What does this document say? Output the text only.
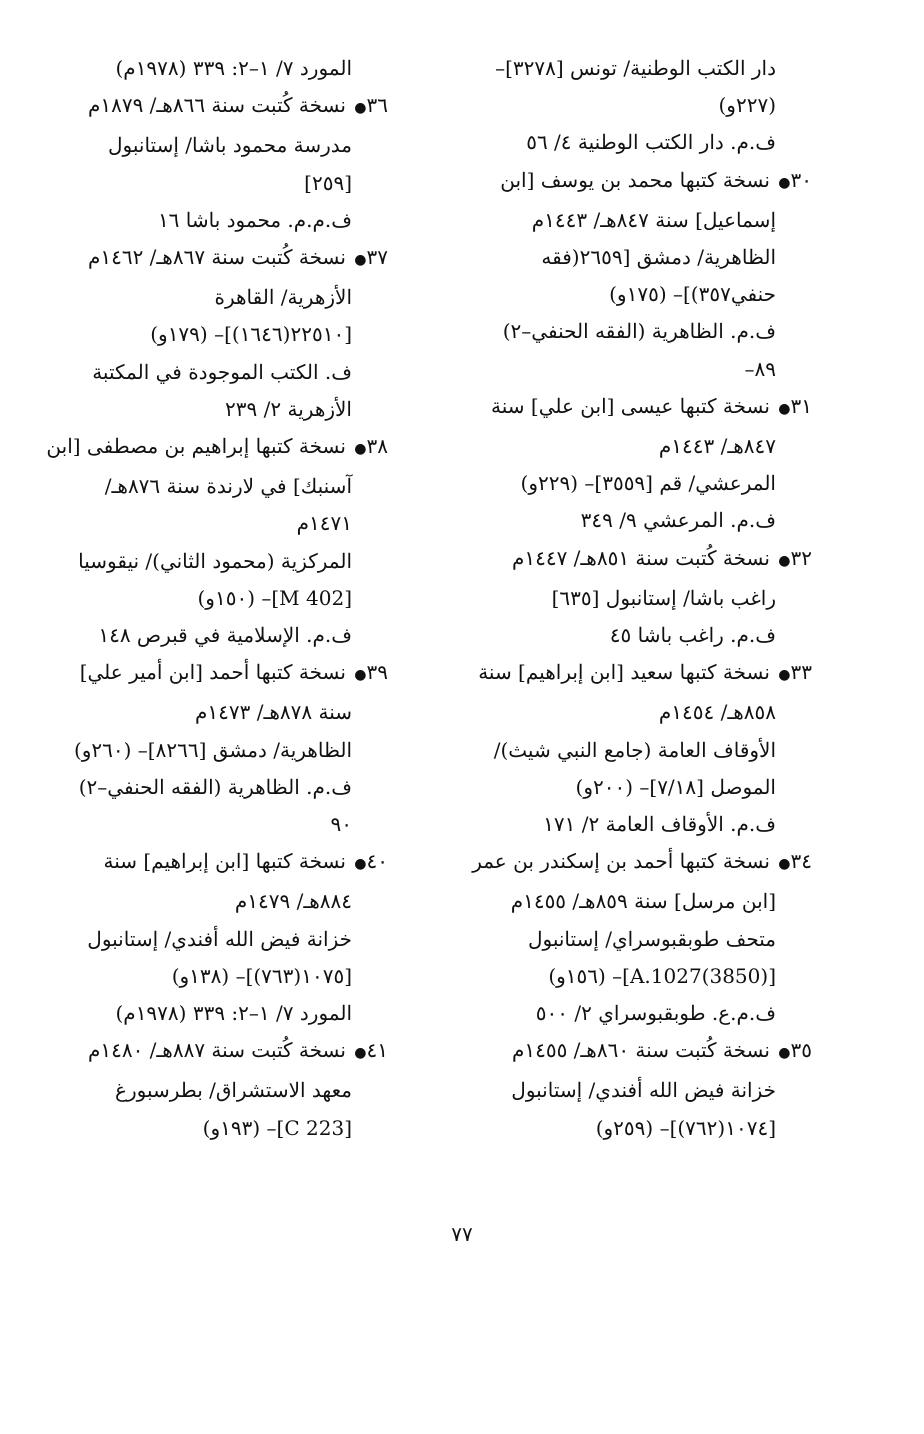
دار الكتب الوطنية/ تونس [٣٢٧٨]–
(٢٢٧و)
ف.م. دار الكتب الوطنية ٤/ ٥٦
٣٠● نسخة كتبها محمد بن يوسف [ابن
إسماعيل] سنة ٨٤٧هـ/ ١٤٤٣م
الظاهرية/ دمشق [٢٦٥٩(فقه
حنفي٣٥٧)]– (١٧٥و)
ف.م. الظاهرية (الفقه الحنفي–٢)
٨٩–
٣١● نسخة كتبها عيسى [ابن علي] سنة
٨٤٧هـ/ ١٤٤٣م
المرعشي/ قم [٣٥٥٩]– (٢٢٩و)
ف.م. المرعشي ٩/ ٣٤٩
٣٢● نسخة كُتبت سنة ٨٥١هـ/ ١٤٤٧م
راغب باشا/ إستانبول [٦٣٥]
ف.م. راغب باشا ٤٥
٣٣● نسخة كتبها سعيد [ابن إبراهيم] سنة
٨٥٨هـ/ ١٤٥٤م
الأوقاف العامة (جامع النبي شيث)/
الموصل [٧/١٨]– (٢٠٠و)
ف.م. الأوقاف العامة ٢/ ١٧١
٣٤● نسخة كتبها أحمد بن إسكندر بن عمر
[ابن مرسل] سنة ٨٥٩هـ/ ١٤٥٥م
متحف طوبقبوسراي/ إستانبول
[A.1027(3850)]– (١٥٦و)
ف.م.ع. طوبقبوسراي ٢/ ٥٠٠
٣٥● نسخة كُتبت سنة ٨٦٠هـ/ ١٤٥٥م
خزانة فيض الله أفندي/ إستانبول
[١٠٧٤(٧٦٢)]– (٢٥٩و)
المورد ٧/ ١–٢: ٣٣٩ (١٩٧٨م)
٣٦● نسخة كُتبت سنة ٨٦٦هـ/ ١٨٧٩م
مدرسة محمود باشا/ إستانبول
[٢٥٩]
ف.م.م. محمود باشا ١٦
٣٧● نسخة كُتبت سنة ٨٦٧هـ/ ١٤٦٢م
الأزهرية/ القاهرة
[٢٢٥١٠(١٦٤٦)]– (١٧٩و)
ف. الكتب الموجودة في المكتبة
الأزهرية ٢/ ٢٣٩
٣٨● نسخة كتبها إبراهيم بن مصطفى [ابن
آسنبك] في لارندة سنة ٨٧٦هـ/
١٤٧١م
المركزية (محمود الثاني)/ نيقوسيا
[M 402]– (١٥٠و)
ف.م. الإسلامية في قبرص ١٤٨
٣٩● نسخة كتبها أحمد [ابن أمير علي]
سنة ٨٧٨هـ/ ١٤٧٣م
الظاهرية/ دمشق [٨٢٦٦]– (٢٦٠و)
ف.م. الظاهرية (الفقه الحنفي–٢)
٩٠
٤٠● نسخة كتبها [ابن إبراهيم] سنة
٨٨٤هـ/ ١٤٧٩م
خزانة فيض الله أفندي/ إستانبول
[١٠٧٥(٧٦٣)]– (١٣٨و)
المورد ٧/ ١–٢: ٣٣٩ (١٩٧٨م)
٤١● نسخة كُتبت سنة ٨٨٧هـ/ ١٤٨٠م
معهد الاستشراق/ بطرسبورغ
[C 223]– (١٩٣و)
٧٧
